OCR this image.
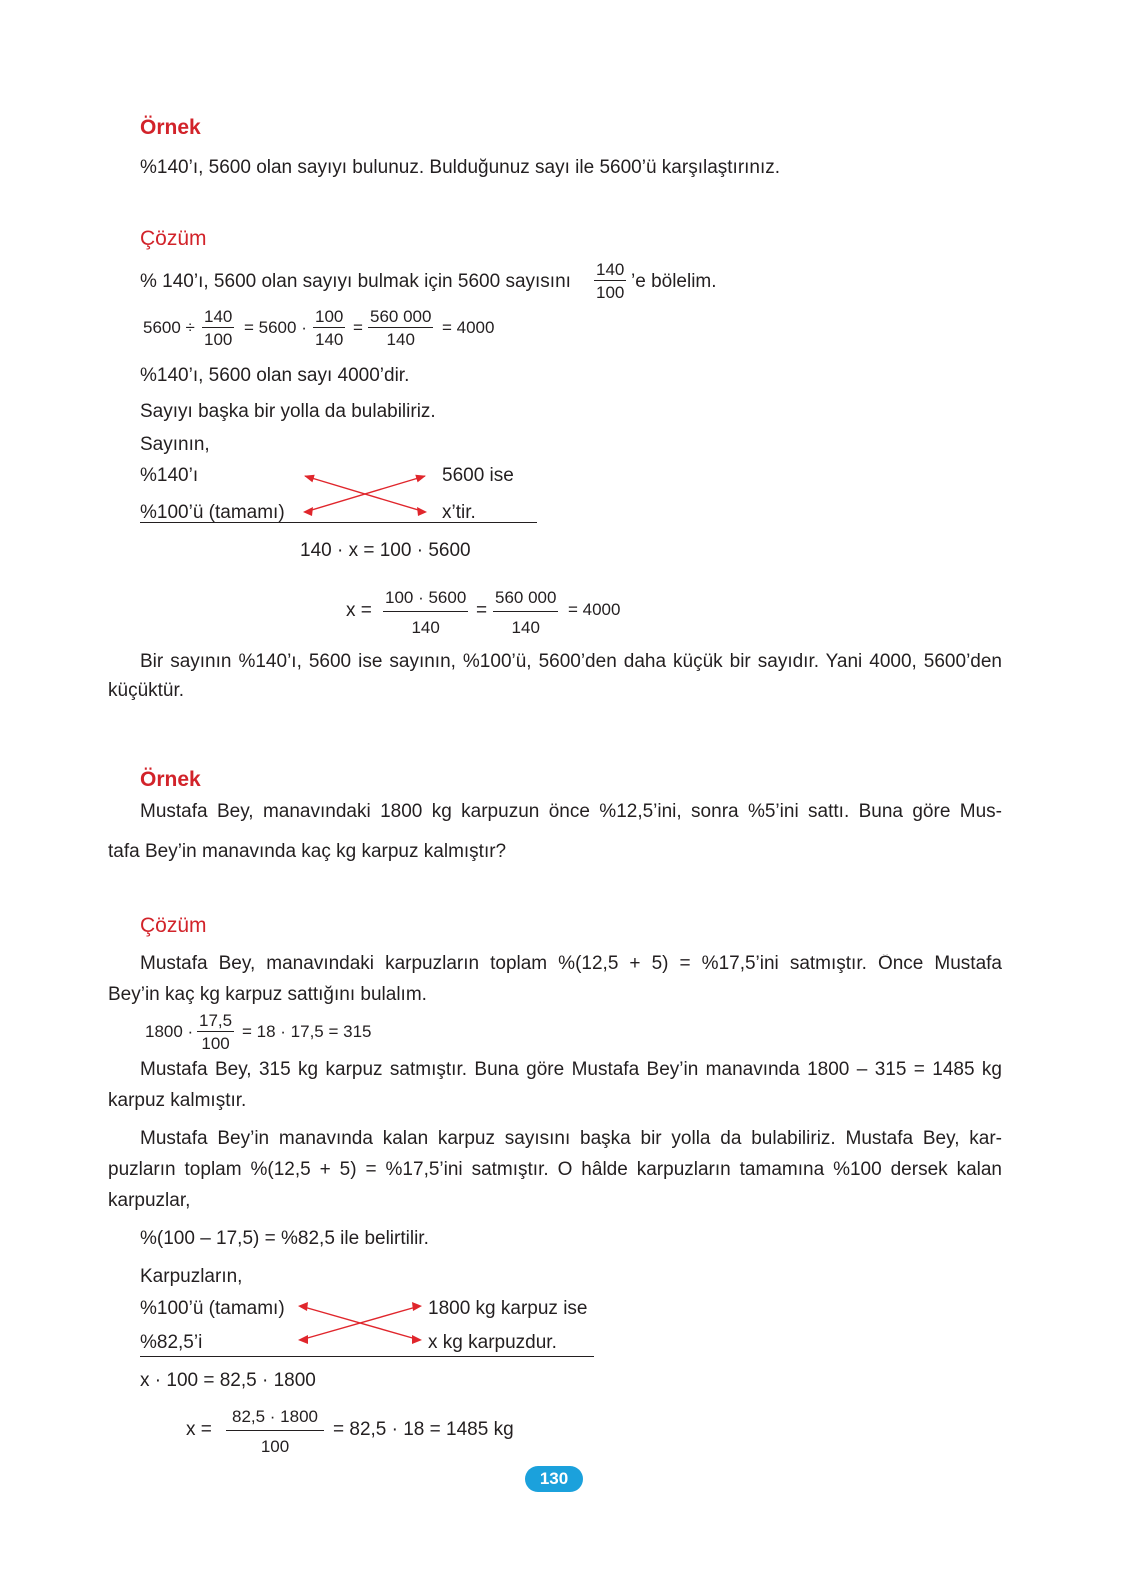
Örnek
%140’ı, 5600 olan sayıyı bulunuz. Bulduğunuz sayı ile 5600’ü karşılaştırınız.
Çözüm
% 140’ı, 5600 olan sayıyı bulmak için 5600 sayısını $\frac{140}{100}$ ’e bölelim.
$5600 \div \frac{140}{100} = 5600 \cdot \frac{100}{140} = \frac{560 000}{140} = 4000$
%140’ı, 5600 olan sayı 4000’dir.
Sayıyı başka bir yolla da bulabiliriz.
Sayının,
%140’ı	5600 ise
%100’ü (tamamı)	x’tir.
140 · x = 100 · 5600
$x = \frac{100 \cdot 5600}{140} = \frac{560 000}{140} = 4000$
Bir sayının %140’ı, 5600 ise sayının, %100’ü, 5600’den daha küçük bir sayıdır. Yani 4000, 5600’den
küçüktür.
Örnek
Mustafa Bey, manavındaki 1800 kg karpuzun önce %12,5’ini, sonra %5’ini sattı. Buna göre Mus-
tafa Bey’in manavında kaç kg karpuz kalmıştır?
Çözüm
Mustafa Bey, manavındaki karpuzların toplam %(12,5 + 5) = %17,5’ini satmıştır. Önce Mustafa
Bey’in kaç kg karpuz sattığını bulalım.
$1800 \cdot \frac{17,5}{100} = 18 \cdot 17,5 = 315$
Mustafa Bey, 315 kg karpuz satmıştır. Buna göre Mustafa Bey’in manavında 1800 – 315 = 1485 kg
karpuz kalmıştır.
Mustafa Bey’in manavında kalan karpuz sayısını başka bir yolla da bulabiliriz. Mustafa Bey, kar-
puzların toplam %(12,5 + 5) = %17,5’ini satmıştır. O hâlde karpuzların tamamına %100 dersek kalan
karpuzlar,
%(100 – 17,5) = %82,5 ile belirtilir.
Karpuzların,
%100’ü (tamamı)	1800 kg karpuz ise
%82,5’i	x kg karpuzdur.
x · 100 = 82,5 · 1800
$x = \frac{82,5 \cdot 1800}{100} = 82,5 \cdot 18 = 1485$ kg
130
